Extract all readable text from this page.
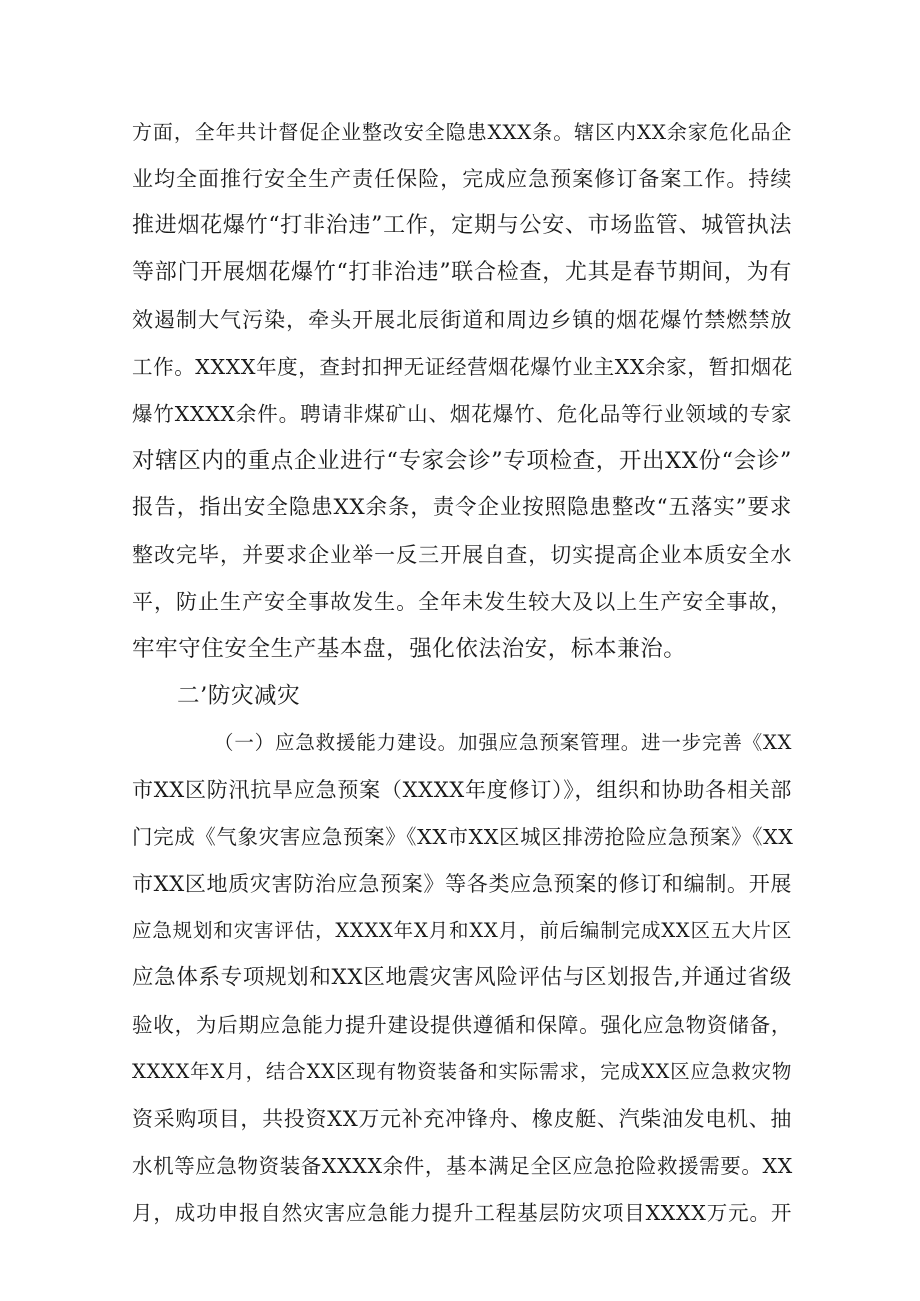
方面，全年共计督促企业整改安全隐患XXX条。辖区内XX余家危化品企
业均全面推行安全生产责任保险，完成应急预案修订备案工作。持续
推进烟花爆竹“打非治违”工作，定期与公安、市场监管、城管执法
等部门开展烟花爆竹“打非治违”联合检查，尤其是春节期间，为有
效遏制大气污染，牵头开展北辰街道和周边乡镇的烟花爆竹禁燃禁放
工作。XXXX年度，查封扣押无证经营烟花爆竹业主XX余家，暂扣烟花
爆竹XXXX余件。聘请非煤矿山、烟花爆竹、危化品等行业领域的专家
对辖区内的重点企业进行“专家会诊”专项检查，开出XX份“会诊”
报告，指出安全隐患XX余条，责令企业按照隐患整改“五落实”要求
整改完毕，并要求企业举一反三开展自查，切实提高企业本质安全水
平，防止生产安全事故发生。全年未发生较大及以上生产安全事故，
牢牢守住安全生产基本盘，强化依法治安，标本兼治。
二’防灾减灾
（一）应急救援能力建设。加强应急预案管理。进一步完善《XX
市XX区防汛抗旱应急预案（XXXX年度修订）》，组织和协助各相关部
门完成《气象灾害应急预案》《XX市XX区城区排涝抢险应急预案》《XX
市XX区地质灾害防治应急预案》等各类应急预案的修订和编制。开展
应急规划和灾害评估，XXXX年X月和XX月，前后编制完成XX区五大片区
应急体系专项规划和XX区地震灾害风险评估与区划报告,并通过省级
验收，为后期应急能力提升建设提供遵循和保障。强化应急物资储备，
XXXX年X月，结合XX区现有物资装备和实际需求，完成XX区应急救灾物
资采购项目，共投资XX万元补充冲锋舟、橡皮艇、汽柴油发电机、抽
水机等应急物资装备XXXX余件，基本满足全区应急抢险救援需要。XX
月，成功申报自然灾害应急能力提升工程基层防灾项目XXXX万元。开
